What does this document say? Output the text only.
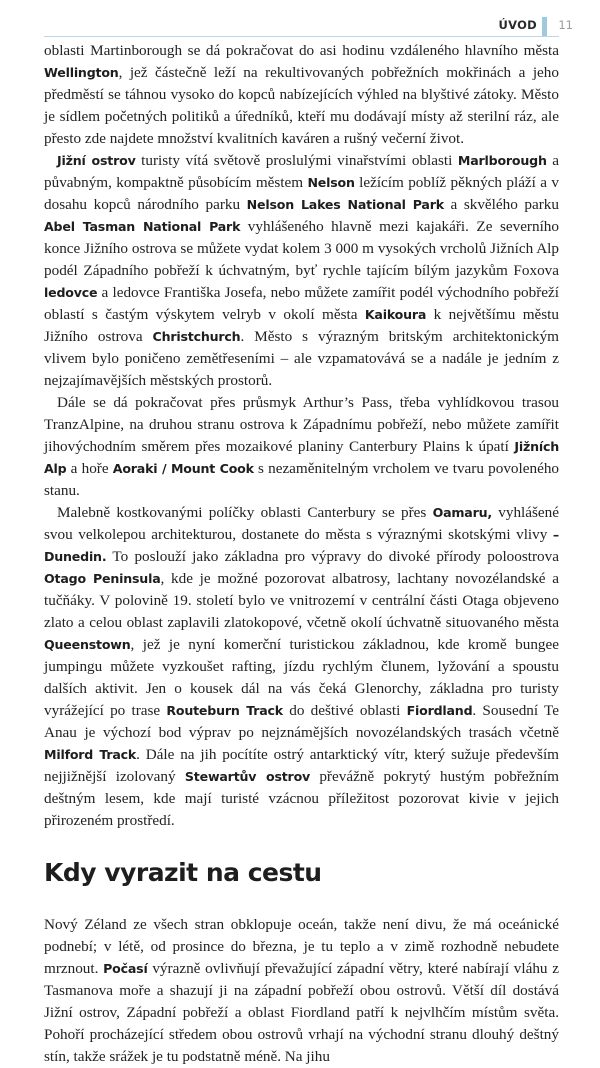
ÚVOD 11

oblasti Martinborough se dá pokračovat do asi hodinu vzdáleného hlavního města Wellington, jež částečně leží na rekultivovaných pobřežních mokřinách a jeho předměstí se táhnou vysoko do kopců nabízejících výhled na blyštivé zátoky. Město je sídlem početných politiků a úředníků, kteří mu dodávají místy až sterilní ráz, ale přesto zde najdete množství kvalitních kaváren a rušný večerní život.

Jižní ostrov turisty vítá světově proslulými vinařstvími oblasti Marlborough a půvabným, kompaktně působícím městem Nelson ležícím poblíž pěkných pláží a v dosahu kopců národního parku Nelson Lakes National Park a skvělého parku Abel Tasman National Park vyhlášeného hlavně mezi kajakáři. Ze severního konce Jižního ostrova se můžete vydat kolem 3 000 m vysokých vrcholů Jižních Alp podél Západního pobřeží k úchvatným, byť rychle tajícím bílým jazykům Foxova ledovce a ledovce Františka Josefa, nebo můžete zamířit podél východního pobřeží oblastí s častým výskytem velryb v okolí města Kaikoura k největšímu městu Jižního ostrova Christchurch. Město s výrazným britským architektonickým vlivem bylo poničeno zemětřeseními – ale vzpamatovává se a nadále je jedním z nejzajímavějších městských prostorů.

Dále se dá pokračovat přes průsmyk Arthur’s Pass, třeba vyhlídkovou trasou TranzAlpine, na druhou stranu ostrova k Západnímu pobřeží, nebo můžete zamířit jihovýchodním směrem přes mozaikové planiny Canterbury Plains k úpatí Jižních Alp a hoře Aoraki / Mount Cook s nezaměnitelným vrcholem ve tvaru povoleného stanu.

Malebně kostkovanými políčky oblasti Canterbury se přes Oamaru, vyhlášené svou velkolepou architekturou, dostanete do města s výraznými skotskými vlivy – Dunedin. To poslouží jako základna pro výpravy do divoké přírody poloostrova Otago Peninsula, kde je možné pozorovat albatrosy, lachtany novozélandské a tučňáky. V polovině 19. století bylo ve vnitrozemí v centrální části Otaga objeveno zlato a celou oblast zaplavili zlatokopové, včetně okolí úchvatně situovaného města Queenstown, jež je nyní komerční turistickou základnou, kde kromě bungee jumpingu můžete vyzkoušet rafting, jízdu rychlým člunem, lyžování a spoustu dalších aktivit. Jen o kousek dál na vás čeká Glenorchy, základna pro turisty vyrážející po trase Routeburn Track do deštivé oblasti Fiordland. Sousední Te Anau je výchozí bod výprav po nejznámějších novozélandských trasách včetně Milford Track. Dále na jih pocítíte ostrý antarktický vítr, který sužuje především nejjižnější izolovaný Stewartův ostrov převážně pokrytý hustým pobřežním deštným lesem, kde mají turisté vzácnou příležitost pozorovat kivie v jejich přirozeném prostředí.

Kdy vyrazit na cestu

Nový Zéland ze všech stran obklopuje oceán, takže není divu, že má oceánické podnebí; v létě, od prosince do března, je tu teplo a v zimě rozhodně nebudete mrznout. Počasí výrazně ovlivňují převažující západní větry, které nabírají vláhu z Tasmanova moře a shazují ji na západní pobřeží obou ostrovů. Větší díl dostává Jižní ostrov, Západní pobřeží a oblast Fiordland patří k nejvlhčím místům světa. Pohoří procházející středem obou ostrovů vrhají na východní stranu dlouhý deštný stín, takže srážek je tu podstatně méně. Na jihu
